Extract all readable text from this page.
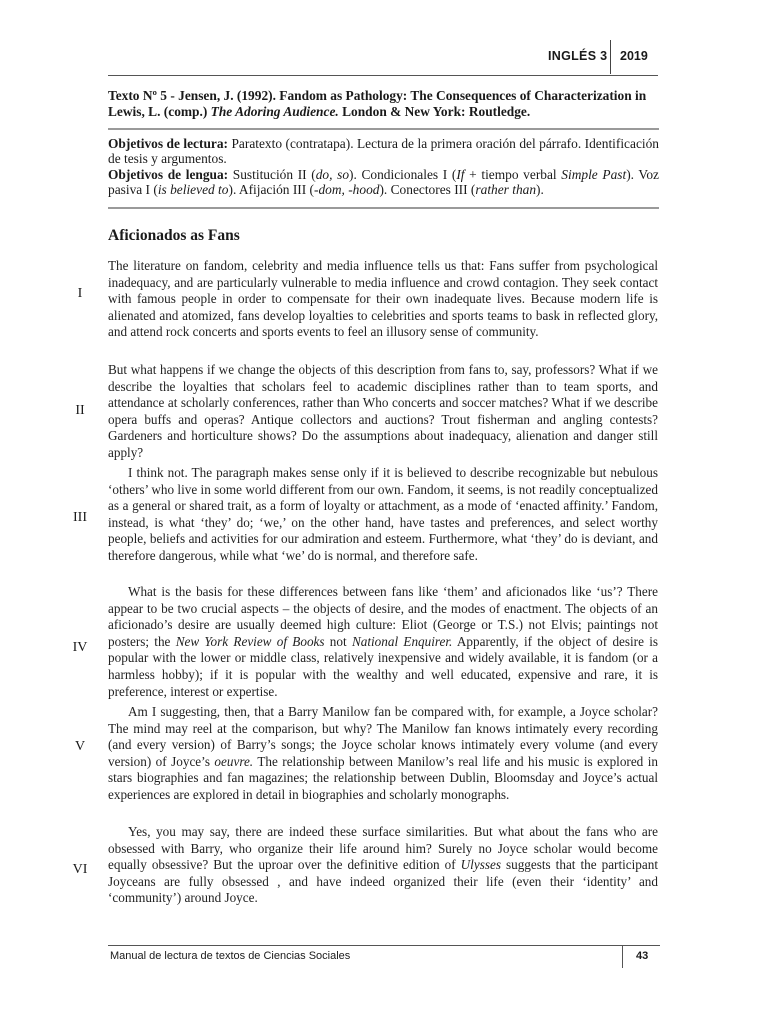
INGLÉS 3 2019
Texto Nº 5 - Jensen, J. (1992). Fandom as Pathology: The Consequences of Characterization in Lewis, L. (comp.) The Adoring Audience. London & New York: Routledge.
Objetivos de lectura: Paratexto (contratapa). Lectura de la primera oración del párrafo. Identificación de tesis y argumentos.
Objetivos de lengua: Sustitución II (do, so). Condicionales I (If + tiempo verbal Simple Past). Voz pasiva I (is believed to). Afijación III (-dom, -hood). Conectores III (rather than).
Aficionados as Fans
I
The literature on fandom, celebrity and media influence tells us that: Fans suffer from psychological inadequacy, and are particularly vulnerable to media influence and crowd contagion. They seek contact with famous people in order to compensate for their own inadequate lives. Because modern life is alienated and atomized, fans develop loyalties to celebrities and sports teams to bask in reflected glory, and attend rock concerts and sports events to feel an illusory sense of community.
II
But what happens if we change the objects of this description from fans to, say, professors? What if we describe the loyalties that scholars feel to academic disciplines rather than to team sports, and attendance at scholarly conferences, rather than Who concerts and soccer matches? What if we describe opera buffs and operas? Antique collectors and auctions? Trout fisherman and angling contests? Gardeners and horticulture shows? Do the assumptions about inadequacy, alienation and danger still apply?
III
I think not. The paragraph makes sense only if it is believed to describe recognizable but nebulous ‘others’ who live in some world different from our own. Fandom, it seems, is not readily conceptualized as a general or shared trait, as a form of loyalty or attachment, as a mode of ‘enacted affinity.’ Fandom, instead, is what ‘they’ do; ‘we,’ on the other hand, have tastes and preferences, and select worthy people, beliefs and activities for our admiration and esteem. Furthermore, what ‘they’ do is deviant, and therefore dangerous, while what ‘we’ do is normal, and therefore safe.
IV
What is the basis for these differences between fans like ‘them’ and aficionados like ‘us’? There appear to be two crucial aspects – the objects of desire, and the modes of enactment. The objects of an aficionado’s desire are usually deemed high culture: Eliot (George or T.S.) not Elvis; paintings not posters; the New York Review of Books not National Enquirer. Apparently, if the object of desire is popular with the lower or middle class, relatively inexpensive and widely available, it is fandom (or a harmless hobby); if it is popular with the wealthy and well educated, expensive and rare, it is preference, interest or expertise.
V
Am I suggesting, then, that a Barry Manilow fan be compared with, for example, a Joyce scholar? The mind may reel at the comparison, but why? The Manilow fan knows intimately every recording (and every version) of Barry’s songs; the Joyce scholar knows intimately every volume (and every version) of Joyce’s oeuvre. The relationship between Manilow’s real life and his music is explored in stars biographies and fan magazines; the relationship between Dublin, Bloomsday and Joyce’s actual experiences are explored in detail in biographies and scholarly monographs.
VI
Yes, you may say, there are indeed these surface similarities. But what about the fans who are obsessed with Barry, who organize their life around him? Surely no Joyce scholar would become equally obsessive? But the uproar over the definitive edition of Ulysses suggests that the participant Joyceans are fully obsessed , and have indeed organized their life (even their ‘identity’ and ‘community’) around Joyce.
Manual de lectura de textos de Ciencias Sociales	43
